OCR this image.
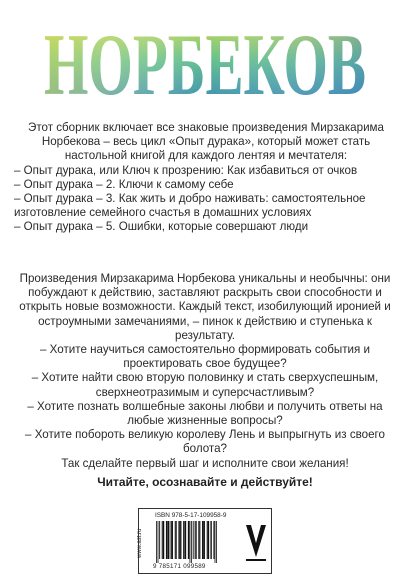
НОРБЕКОВ
НОРБЕКОВ

Этот сборник включает все знаковые произведения Мирзакарима Норбекова – весь цикл «Опыт дурака», который может стать настольной книгой для каждого лентяя и мечтателя:

– Опыт дурака, или Ключ к прозрению: Как избавиться от очков
– Опыт дурака – 2. Ключи к самому себе
– Опыт дурака – 3. Как жить и добро наживать: самостоятельное изготовление семейного счастья в домашних условиях
– Опыт дурака – 5. Ошибки, которые совершают люди

Произведения Мирзакарима Норбекова уникальны и необычны: они побуждают к действию, заставляют раскрыть свои способности и открыть новые возможности. Каждый текст, изобилующий иронией и остроумными замечаниями, – пинок к действию и ступенька к результату.

– Хотите научиться самостоятельно формировать события и проектировать свое будущее?

– Хотите найти свою вторую половинку и стать сверхуспешным, сверхнеотразимым и суперсчастливым?

– Хотите познать волшебные законы любви и получить ответы на любые жизненные вопросы?

– Хотите побороть великую королеву Лень и выпрыгнуть из своего болота?

Так сделайте первый шаг и исполните свои желания!

Читайте, осознавайте и действуйте!
www.ast.ru
ISBN 978-5-17-109958-9
9 785171 099589
